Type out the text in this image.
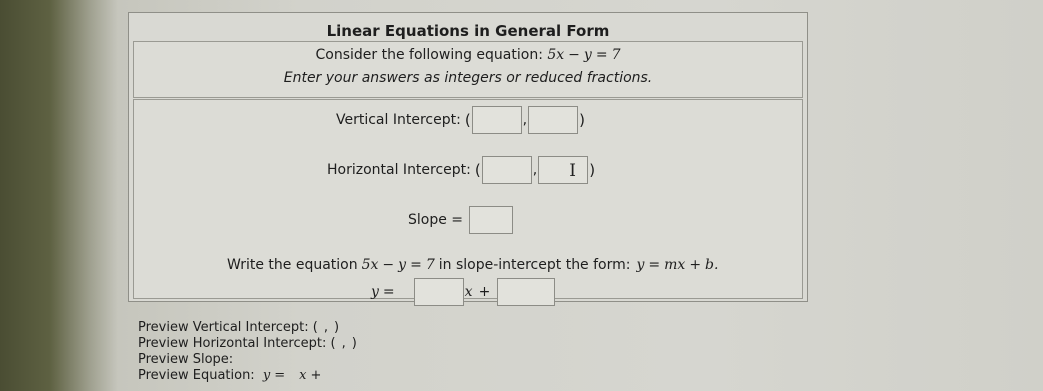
Linear Equations in General Form
Consider the following equation: 5x − y = 7
Enter your answers as integers or reduced fractions.
Vertical Intercept: (	,	)
Horizontal Intercept: (	, I )
Slope =
Write the equation 5x − y = 7 in slope-intercept the form: y = mx + b.
y =	x +
Preview Vertical Intercept: ( , )
Preview Horizontal Intercept: ( , )
Preview Slope:
Preview Equation: y = x +
